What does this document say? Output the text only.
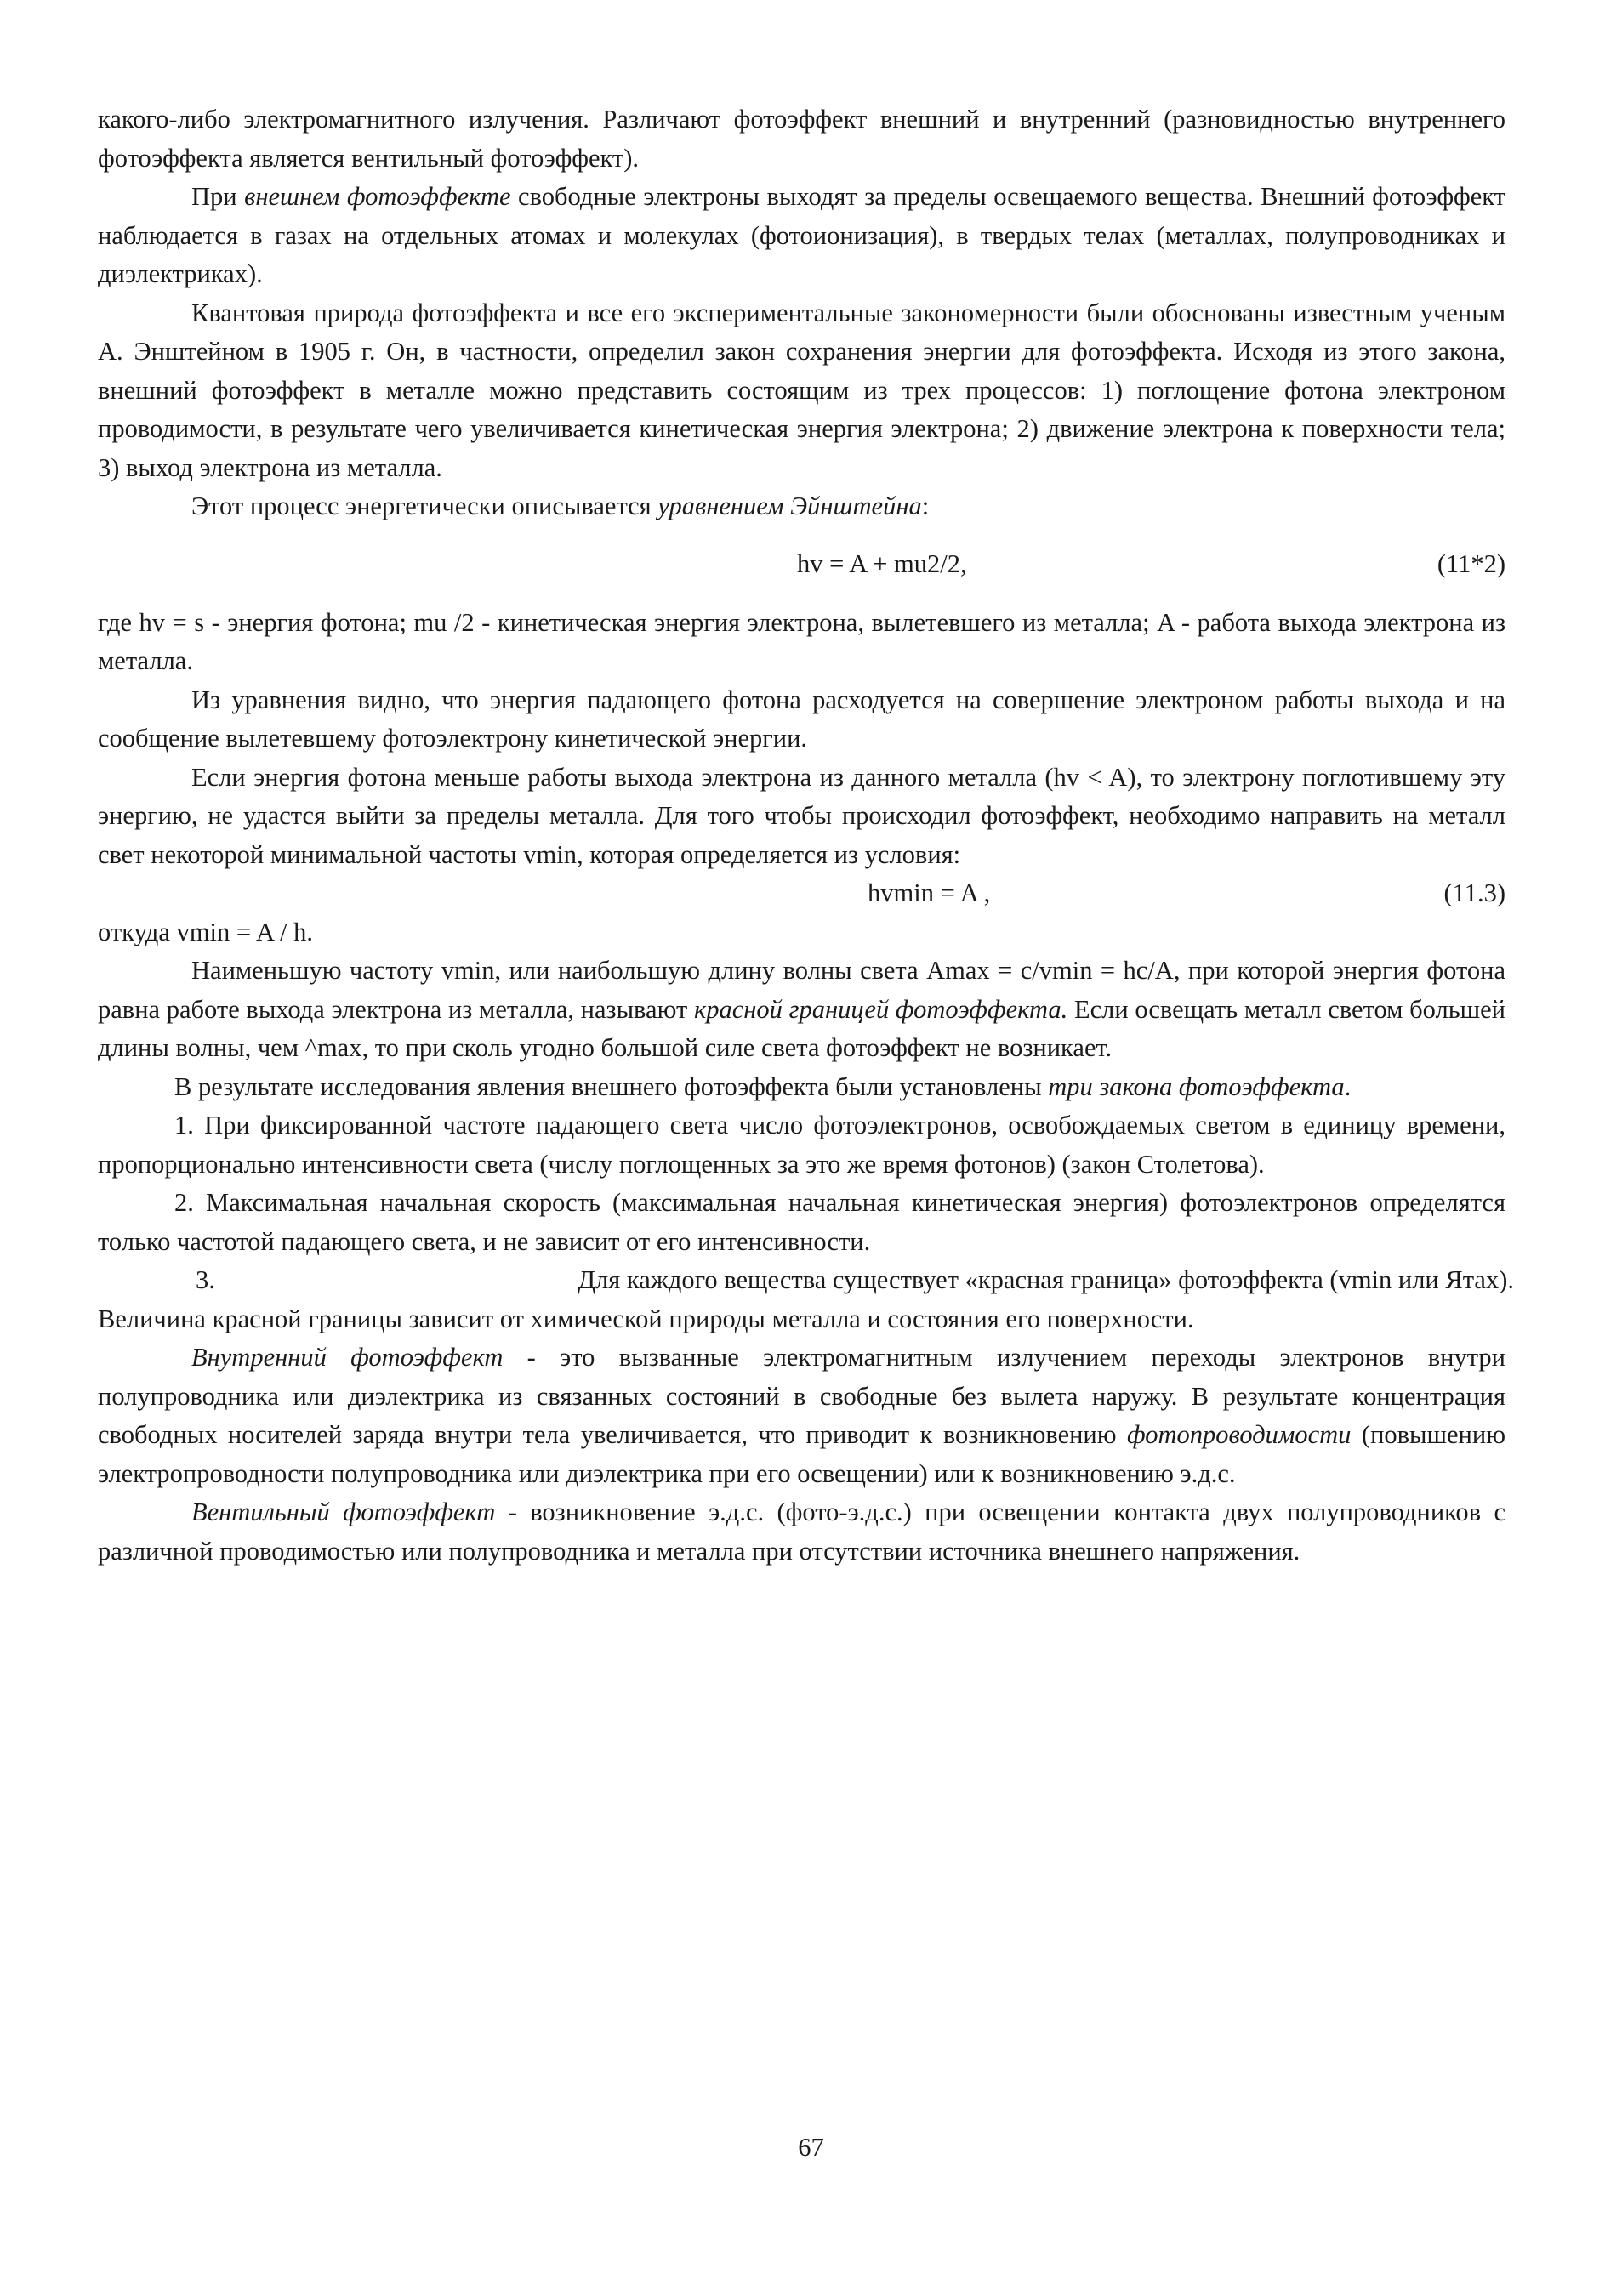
какого-либо электромагнитного излучения. Различают фотоэффект внешний и внутренний (разновидностью внутреннего фотоэффекта является вентильный фотоэффект).

При внешнем фотоэффекте свободные электроны выходят за пределы освещаемого вещества. Внешний фотоэффект наблюдается в газах на отдельных атомах и молекулах (фотоионизация), в твердых телах (металлах, полупроводниках и диэлектриках).

Квантовая природа фотоэффекта и все его экспериментальные закономерности были обоснованы известным ученым А. Энштейном в 1905 г. Он, в частности, определил закон сохранения энергии для фотоэффекта. Исходя из этого закона, внешний фотоэффект в металле можно представить состоящим из трех процессов: 1) поглощение фотона электроном проводимости, в результате чего увеличивается кинетическая энергия электрона; 2) движение электрона к поверхности тела; 3) выход электрона из металла.

Этот процесс энергетически описывается уравнением Эйнштейна:

hv = A + mu2/2,	(11*2)

где hv = s - энергия фотона; mu /2 - кинетическая энергия электрона, вылетевшего из металла; A - работа выхода электрона из металла.

Из уравнения видно, что энергия падающего фотона расходуется на совершение электроном работы выхода и на сообщение вылетевшему фотоэлектрону кинетической энергии.

Если энергия фотона меньше работы выхода электрона из данного металла (hv < A), то электрону поглотившему эту энергию, не удастся выйти за пределы металла. Для того чтобы происходил фотоэффект, необходимо направить на металл свет некоторой минимальной частоты vmin, которая определяется из условия:

hvmin = A ,	(11.3)

откуда vmin = A / h.

Наименьшую частоту vmin, или наибольшую длину волны света Amax = c/vmin = hc/A, при которой энергия фотона равна работе выхода электрона из металла, называют красной границей фотоэффекта. Если освещать металл светом большей длины волны, чем ^max, то при сколь угодно большой силе света фотоэффект не возникает.

В результате исследования явления внешнего фотоэффекта были установлены три закона фотоэффекта.

1. При фиксированной частоте падающего света число фотоэлектронов, освобождаемых светом в единицу времени, пропорционально интенсивности света (числу поглощенных за это же время фотонов) (закон Столетова).

2. Максимальная начальная скорость (максимальная начальная кинетическая энергия) фотоэлектронов определятся только частотой падающего света, и не зависит от его интенсивности.

3.	Для каждого вещества существует «красная граница» фотоэффекта (vmin или Ятах).

Величина красной границы зависит от химической природы металла и состояния его поверхности.

Внутренний фотоэффект - это вызванные электромагнитным излучением переходы электронов внутри полупроводника или диэлектрика из связанных состояний в свободные без вылета наружу. В результате концентрация свободных носителей заряда внутри тела увеличивается, что приводит к возникновению фотопроводимости (повышению электропроводности полупроводника или диэлектрика при его освещении) или к возникновению э.д.с.

Вентильный фотоэффект - возникновение э.д.с. (фото-э.д.с.) при освещении контакта двух полупроводников с различной проводимостью или полупроводника и металла при отсутствии источника внешнего напряжения.

67
